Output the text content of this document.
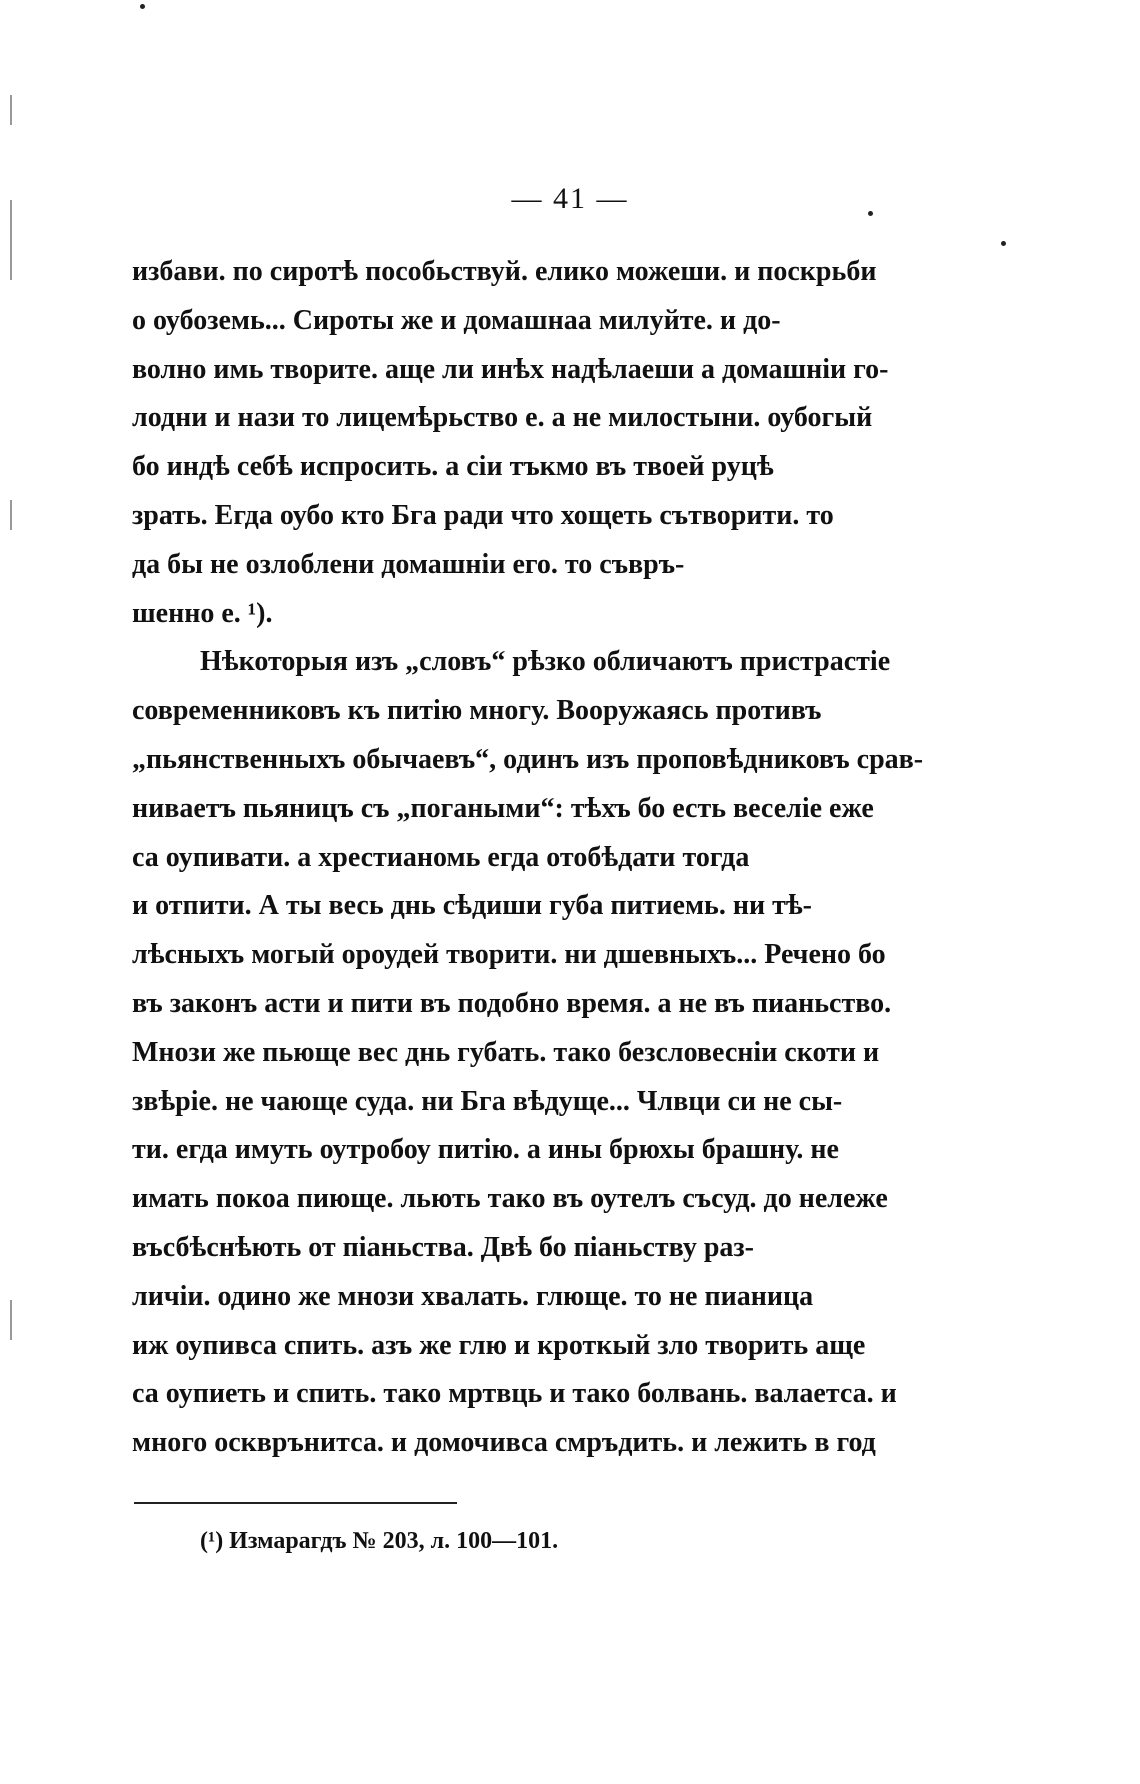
— 41 —
избави. по сиротѣ пособьствуй. елико можеши. и поскрьби
о оубоземь... Сироты же и домашнаа милуйте. и до-
волно имь творите. аще ли инѣх надѣлаеши а домашнiи го-
лодни и нази то лицемѣрьство е. а не милостыни. оубогый
бо индѣ себѣ испросить. а сiи тъкмо въ твоей руцѣ
зрать. Егда оубо кто Бга ради что хощеть сътворити. то
да бы не озлоблени домашнiи его. то съвръ-
шенно е. ¹).
Нѣкоторыя изъ „словъ“ рѣзко обличаютъ пристрастiе
современниковъ къ питiю многу. Вооружаясь противъ
„пьянственныхъ обычаевъ“, одинъ изъ проповѣдниковъ срав-
ниваетъ пьяницъ съ „погаными“: тѣхъ бо есть веселiе еже
са оупивати. а хрестианомь егда отобѣдати тогда
и отпити. А ты весь днь сѣдиши губа питиемь. ни тѣ-
лѣсныхъ могый ороудей творити. ни дшевныхъ... Речено бо
въ законъ асти и пити въ подобно время. а не въ пианьство.
Мнози же пьюще вес днь губать. тако безсловеснiи скоти и
звѣрiе. не чающе суда. ни Бга вѣдуще... Члвци си не сы-
ти. егда имуть оутробоу питiю. а ины брюхы брашну. не
имать покоа пиюще. льють тако въ оутелъ съсуд. до нележе
въсбѣснѣють от пiаньства. Двѣ бо пiаньству раз-
личiи. одино же мнози хвалать. глюще. то не пианица
иж оупивса спить. азъ же глю и кроткый зло творить аще
са оупиеть и спить. тако мртвць и тако болвань. валаетса. и
много оскврънитса. и домочивса смръдить. и лежить в год
(¹) Измарагдъ № 203, л. 100—101.
